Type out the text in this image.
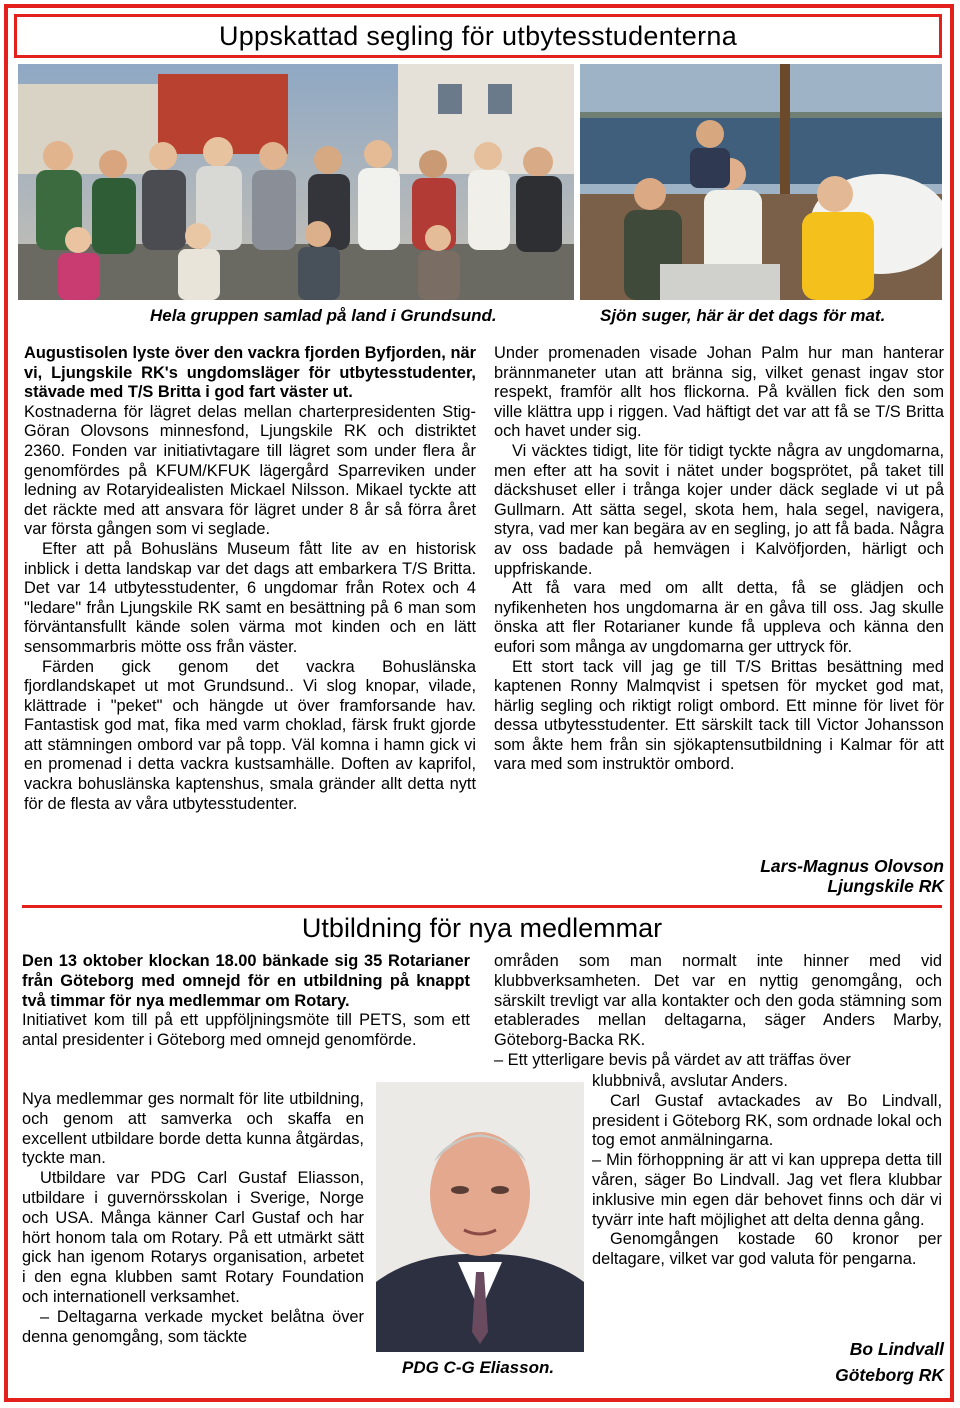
Uppskattad segling för utbytesstudenterna
Hela gruppen samlad på land i Grundsund.	Sjön suger, här är det dags för mat.

Augustisolen lyste över den vackra fjorden Byfjorden, när vi, Ljungskile RK's ungdomsläger för utbytesstudenter, stävade med T/S Britta i god fart väster ut.

Kostnaderna för lägret delas mellan charterpresidenten Stig-Göran Olovsons minnesfond, Ljungskile RK och distriktet 2360. Fonden var initiativtagare till lägret som under flera år genomfördes på KFUM/KFUK lägergård Sparreviken under ledning av Rotaryidealisten Mickael Nilsson. Mikael tyckte att det räckte med att ansvara för lägret under 8 år så förra året var första gången som vi seglade.

Efter att på Bohusläns Museum fått lite av en historisk inblick i detta landskap var det dags att embarkera T/S Britta. Det var 14 utbytesstudenter, 6 ungdomar från Rotex och 4 "ledare" från Ljungskile RK samt en besättning på 6 man som förväntansfullt kände solen värma mot kinden och en lätt sensommarbris mötte oss från väster.

Färden gick genom det vackra Bohuslänska fjordlandskapet ut mot Grundsund.. Vi slog knopar, vilade, klättrade i "peket" och hängde ut över framforsande hav. Fantastisk god mat, fika med varm choklad, färsk frukt gjorde att stämningen ombord var på topp. Väl komna i hamn gick vi en promenad i detta vackra kustsamhälle. Doften av kaprifol, vackra bohuslänska kaptenshus, smala gränder allt detta nytt för de flesta av våra utbytesstudenter.

Under promenaden visade Johan Palm hur man hanterar brännmaneter utan att bränna sig, vilket genast ingav stor respekt, framför allt hos flickorna. På kvällen fick den som ville klättra upp i riggen. Vad häftigt det var att få se T/S Britta och havet under sig.

Vi väcktes tidigt, lite för tidigt tyckte några av ungdomarna, men efter att ha sovit i nätet under bogsprötet, på taket till däckshuset eller i trånga kojer under däck seglade vi ut på Gullmarn. Att sätta segel, skota hem, hala segel, navigera, styra, vad mer kan begära av en segling, jo att få bada. Några av oss badade på hemvägen i Kalvöfjorden, härligt och uppfriskande.

Att få vara med om allt detta, få se glädjen och nyfikenheten hos ungdomarna är en gåva till oss. Jag skulle önska att fler Rotarianer kunde få uppleva och känna den eufori som många av ungdomarna ger uttryck för.

Ett stort tack vill jag ge till T/S Brittas besättning med kaptenen Ronny Malmqvist i spetsen för mycket god mat, härlig segling och riktigt roligt ombord. Ett minne för livet för dessa utbytesstudenter. Ett särskilt tack till Victor Johansson som åkte hem från sin sjökaptensutbildning i Kalmar för att vara med som instruktör ombord.

Lars-Magnus Olovson
Ljungskile RK
Utbildning för nya medlemmar

Den 13 oktober klockan 18.00 bänkade sig 35 Rotarianer från Göteborg med omnejd för en utbildning på knappt två timmar för nya medlemmar om Rotary.

Initiativet kom till på ett uppföljningsmöte till PETS, som ett antal presidenter i Göteborg med omnejd genomförde.

Nya medlemmar ges normalt för lite utbildning, och genom att samverka och skaffa en excellent utbildare borde detta kunna åtgärdas, tyckte man.

Utbildare var PDG Carl Gustaf Eliasson, utbildare i guvernörsskolan i Sverige, Norge och USA. Många känner Carl Gustaf och har hört honom tala om Rotary. På ett utmärkt sätt gick han igenom Rotarys organisation, arbetet i den egna klubben samt Rotary Foundation och internationell verksamhet.

– Deltagarna verkade mycket belåtna över denna genomgång, som täckte

PDG C-G Eliasson.

områden som man normalt inte hinner med vid klubbverksamheten. Det var en nyttig genomgång, och särskilt trevligt var alla kontakter och den goda stämning som etablerades mellan deltagarna, säger Anders Marby, Göteborg-Backa RK.

– Ett ytterligare bevis på värdet av att träffas över

klubbnivå, avslutar Anders.

Carl Gustaf avtackades av Bo Lindvall, president i Göteborg RK, som ordnade lokal och tog emot anmälningarna.

– Min förhoppning är att vi kan upprepa detta till våren, säger Bo Lindvall. Jag vet flera klubbar inklusive min egen där behovet finns och där vi tyvärr inte haft möjlighet att delta denna gång.

Genomgången kostade 60 kronor per deltagare, vilket var god valuta för pengarna.

Bo Lindvall
Göteborg RK
